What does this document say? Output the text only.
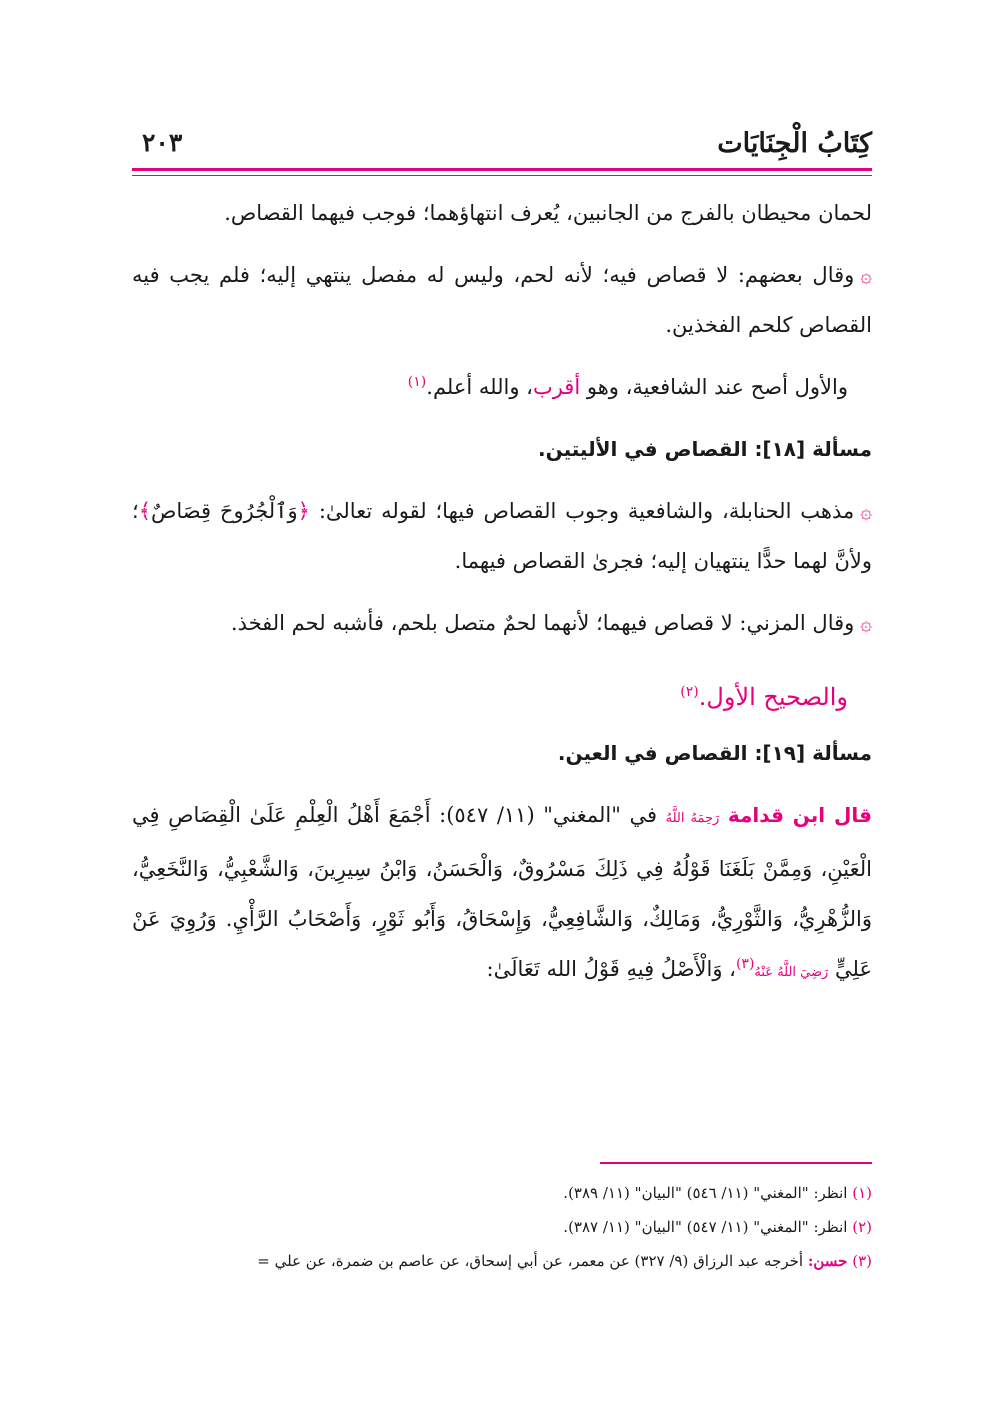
كِتَابُ الْجِنَايَات
٢٠٣

لحمان محيطان بالفرج من الجانبين، يُعرف انتهاؤهما؛ فوجب فيهما القصاص.

۞وقال بعضهم: لا قصاص فيه؛ لأنه لحم، وليس له مفصل ينتهي إليه؛ فلم يجب فيه القصاص كلحم الفخذين.

والأول أصح عند الشافعية، وهو أقرب، والله أعلم.$^{(١)}$

مسألة [١٨]: القصاص في الأليتين.

۞مذهب الحنابلة، والشافعية وجوب القصاص فيها؛ لقوله تعالىٰ: ﴿وَٱلْجُرُوحَ قِصَاصٌ﴾؛ ولأنَّ لهما حدًّا ينتهيان إليه؛ فجرىٰ القصاص فيهما.

۞وقال المزني: لا قصاص فيهما؛ لأنهما لحمٌ متصل بلحم، فأشبه لحم الفخذ.

والصحيح الأول.$^{(٢)}$

مسألة [١٩]: القصاص في العين.

قال ابن قدامة رَحِمَهُ اللَّهُ في "المغني" (١١/ ٥٤٧): أَجْمَعَ أَهْلُ الْعِلْمِ عَلَىٰ الْقِصَاصِ فِي الْعَيْنِ، وَمِمَّنْ بَلَغَنَا قَوْلُهُ فِي ذَلِكَ مَسْرُوقٌ، وَالْحَسَنُ، وَابْنُ سِيرِينَ، وَالشَّعْبِيُّ، وَالنَّخَعِيُّ، وَالزُّهْرِيُّ، وَالثَّوْرِيُّ، وَمَالِكٌ، وَالشَّافِعِيُّ، وَإِسْحَاقُ، وَأَبُو ثَوْرٍ، وَأَصْحَابُ الرَّأْيِ. وَرُوِيَ عَنْ عَلِيٍّ رَضِيَ اللَّهُ عَنْهُ$^{(٣)}$، وَالْأَصْلُ فِيهِ قَوْلُ الله تَعَالَىٰ:

(١) انظر: "المغني" (١١/ ٥٤٦) "البيان" (١١/ ٣٨٩).

(٢) انظر: "المغني" (١١/ ٥٤٧) "البيان" (١١/ ٣٨٧).

(٣) حسن: أخرجه عبد الرزاق (٩/ ٣٢٧) عن معمر، عن أبي إسحاق، عن عاصم بن ضمرة، عن علي =
